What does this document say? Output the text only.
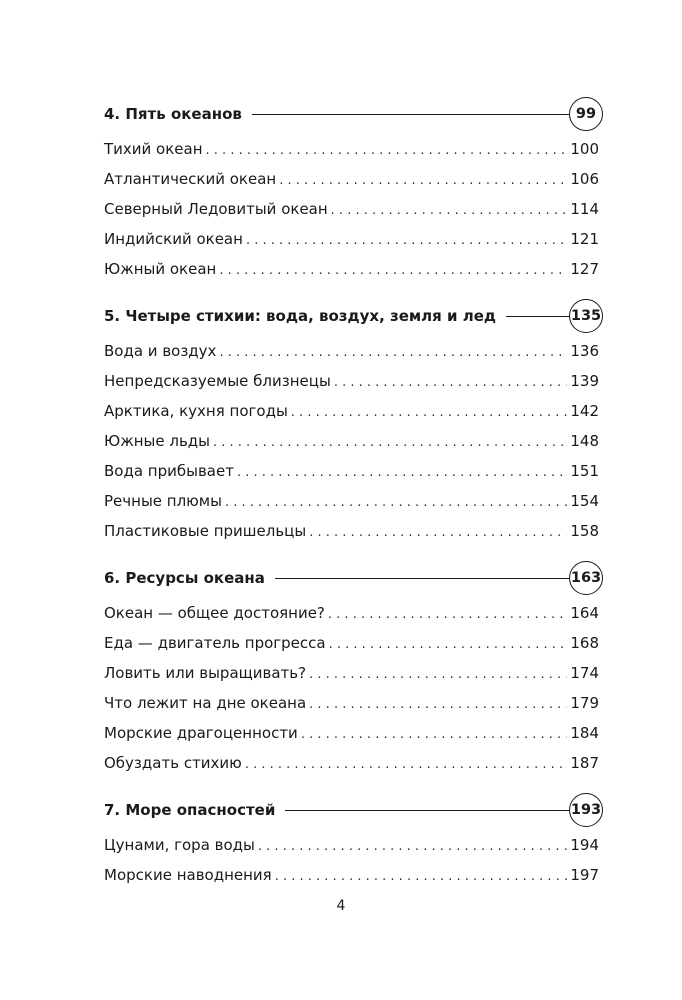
4. Пять океанов	99
Тихий океан . . .	100
Атлантический океан . . .	106
Северный Ледовитый океан . . .	114
Индийский океан . . .	121
Южный океан . . .	127
5. Четыре стихии: вода, воздух, земля и лед	135
Вода и воздух . . .	136
Непредсказуемые близнецы . . .	139
Арктика, кухня погоды . . .	142
Южные льды . . .	148
Вода прибывает . . .	151
Речные плюмы . . .	154
Пластиковые пришельцы . . .	158
6. Ресурсы океана	163
Океан — общее достояние? . . .	164
Еда — двигатель прогресса . . .	168
Ловить или выращивать? . . .	174
Что лежит на дне океана . . .	179
Морские драгоценности . . .	184
Обуздать стихию . . .	187
7. Море опасностей	193
Цунами, гора воды . . .	194
Морские наводнения . . .	197
4
